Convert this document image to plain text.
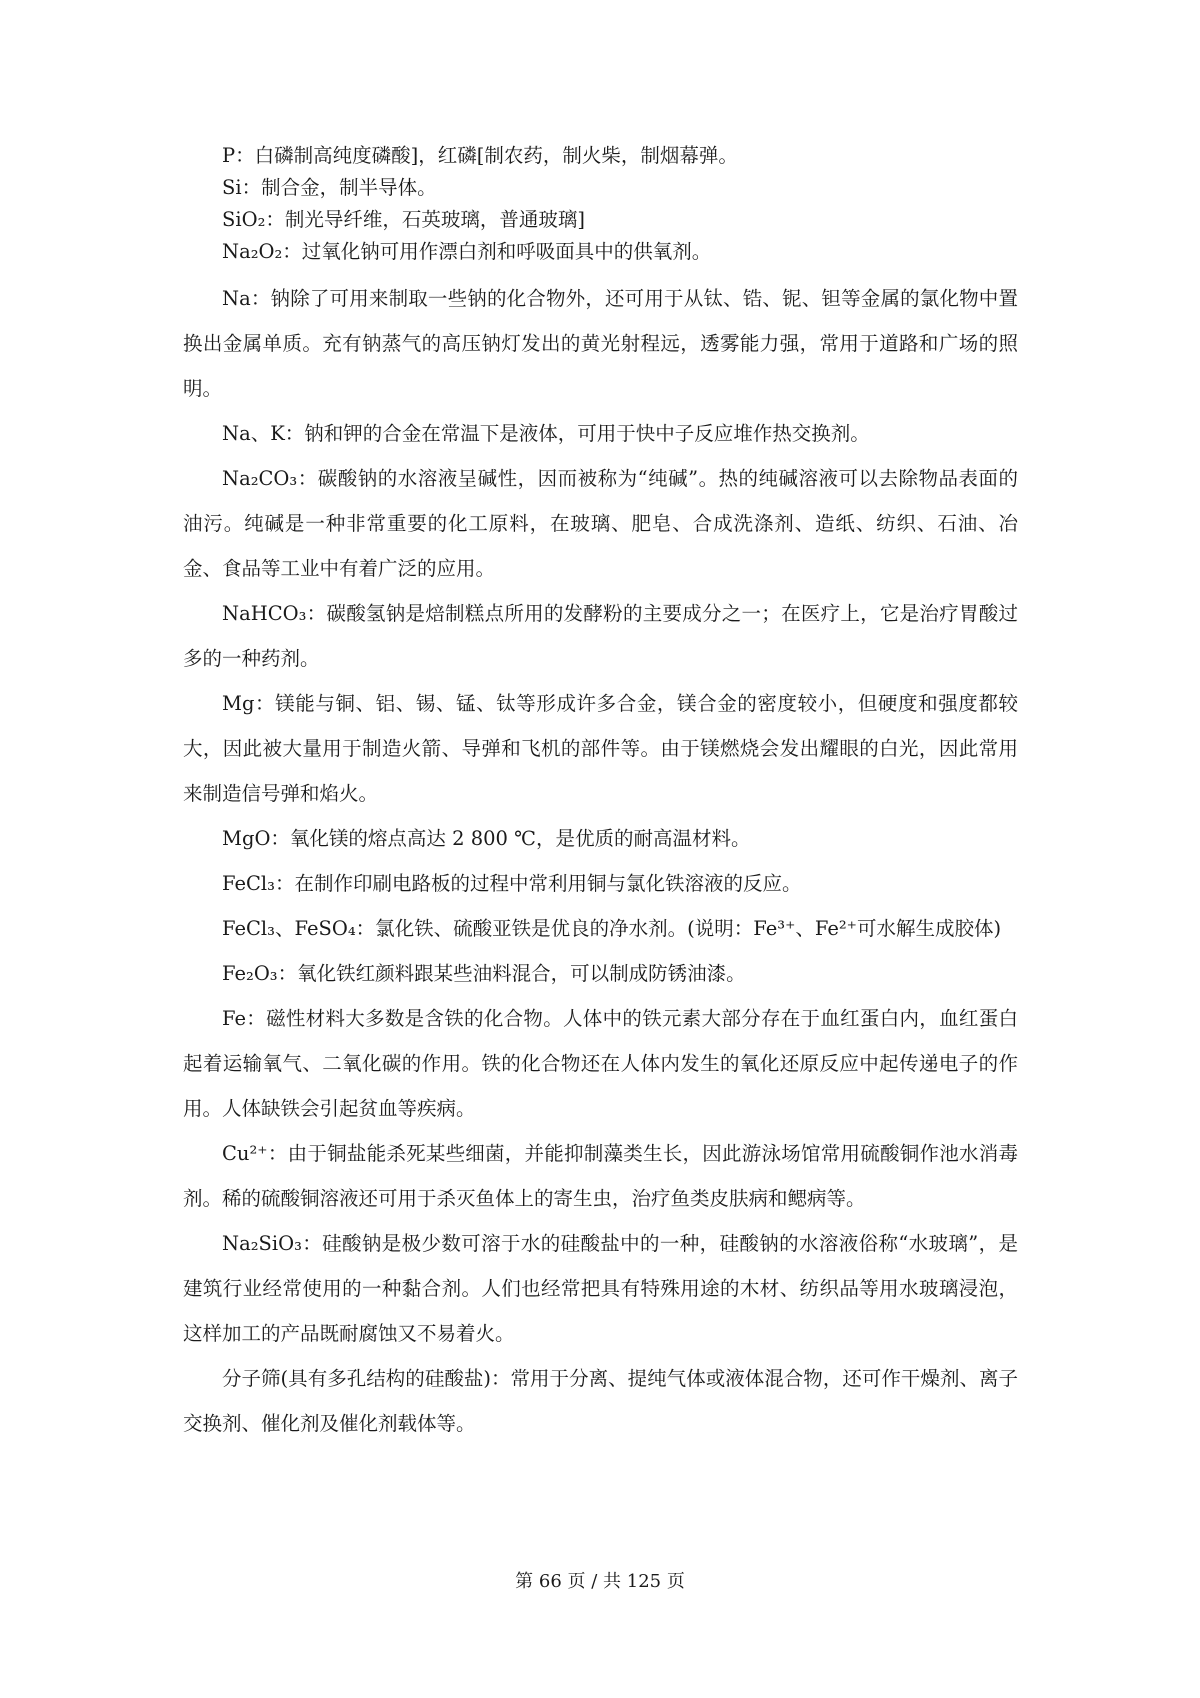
P：白磷制高纯度磷酸]，红磷[制农药，制火柴，制烟幕弹。

Si：制合金，制半导体。

SiO₂：制光导纤维，石英玻璃，普通玻璃]

Na₂O₂：过氧化钠可用作漂白剂和呼吸面具中的供氧剂。

Na：钠除了可用来制取一些钠的化合物外，还可用于从钛、锆、铌、钽等金属的氯化物中置换出金属单质。充有钠蒸气的高压钠灯发出的黄光射程远，透雾能力强，常用于道路和广场的照明。

Na、K：钠和钾的合金在常温下是液体，可用于快中子反应堆作热交换剂。

Na₂CO₃：碳酸钠的水溶液呈碱性，因而被称为“纯碱”。热的纯碱溶液可以去除物品表面的油污。纯碱是一种非常重要的化工原料，在玻璃、肥皂、合成洗涤剂、造纸、纺织、石油、冶金、食品等工业中有着广泛的应用。

NaHCO₃：碳酸氢钠是焙制糕点所用的发酵粉的主要成分之一；在医疗上，它是治疗胃酸过多的一种药剂。

Mg：镁能与铜、铝、锡、锰、钛等形成许多合金，镁合金的密度较小，但硬度和强度都较大，因此被大量用于制造火箭、导弹和飞机的部件等。由于镁燃烧会发出耀眼的白光，因此常用来制造信号弹和焰火。

MgO：氧化镁的熔点高达 2 800 ℃，是优质的耐高温材料。

FeCl₃：在制作印刷电路板的过程中常利用铜与氯化铁溶液的反应。

FeCl₃、FeSO₄：氯化铁、硫酸亚铁是优良的净水剂。(说明：Fe³⁺、Fe²⁺可水解生成胶体)

Fe₂O₃：氧化铁红颜料跟某些油料混合，可以制成防锈油漆。

Fe：磁性材料大多数是含铁的化合物。人体中的铁元素大部分存在于血红蛋白内，血红蛋白起着运输氧气、二氧化碳的作用。铁的化合物还在人体内发生的氧化还原反应中起传递电子的作用。人体缺铁会引起贫血等疾病。

Cu²⁺：由于铜盐能杀死某些细菌，并能抑制藻类生长，因此游泳场馆常用硫酸铜作池水消毒剂。稀的硫酸铜溶液还可用于杀灭鱼体上的寄生虫，治疗鱼类皮肤病和鳃病等。

Na₂SiO₃：硅酸钠是极少数可溶于水的硅酸盐中的一种，硅酸钠的水溶液俗称“水玻璃”，是建筑行业经常使用的一种黏合剂。人们也经常把具有特殊用途的木材、纺织品等用水玻璃浸泡，这样加工的产品既耐腐蚀又不易着火。

分子筛(具有多孔结构的硅酸盐)：常用于分离、提纯气体或液体混合物，还可作干燥剂、离子交换剂、催化剂及催化剂载体等。

第 66 页 / 共 125 页
